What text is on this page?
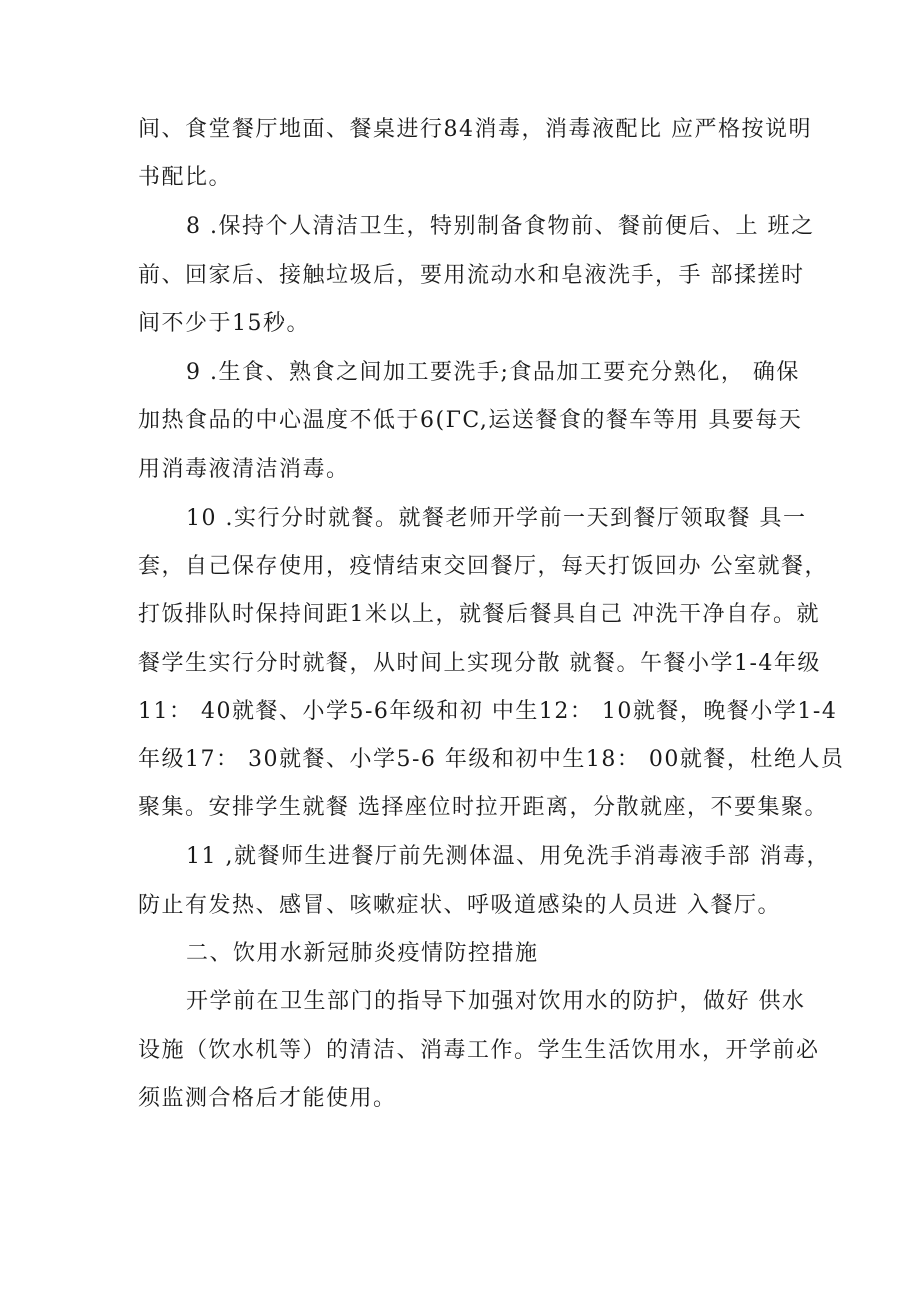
间、食堂餐厅地面、餐桌进行84消毒，消毒液配比 应严格按说明
书配比。
8 .保持个人清洁卫生，特别制备食物前、餐前便后、上 班之
前、回家后、接触垃圾后，要用流动水和皂液洗手，手 部揉搓时
间不少于15秒。
9 .生食、熟食之间加工要洗手;食品加工要充分熟化， 确保
加热食品的中心温度不低于6(ΓC,运送餐食的餐车等用 具要每天
用消毒液清洁消毒。
10 .实行分时就餐。就餐老师开学前一天到餐厅领取餐 具一
套，自己保存使用，疫情结束交回餐厅，每天打饭回办 公室就餐，
打饭排队时保持间距1米以上，就餐后餐具自己 冲洗干净自存。就
餐学生实行分时就餐，从时间上实现分散 就餐。午餐小学1-4年级
11： 40就餐、小学5-6年级和初 中生12： 10就餐，晚餐小学1-4
年级17： 30就餐、小学5-6 年级和初中生18： 00就餐，杜绝人员
聚集。安排学生就餐 选择座位时拉开距离，分散就座，不要集聚。
11 ,就餐师生进餐厅前先测体温、用免洗手消毒液手部 消毒，
防止有发热、感冒、咳嗽症状、呼吸道感染的人员进 入餐厅。
二、饮用水新冠肺炎疫情防控措施
开学前在卫生部门的指导下加强对饮用水的防护，做好 供水
设施（饮水机等）的清洁、消毒工作。学生生活饮用水，开学前必
须监测合格后才能使用。
